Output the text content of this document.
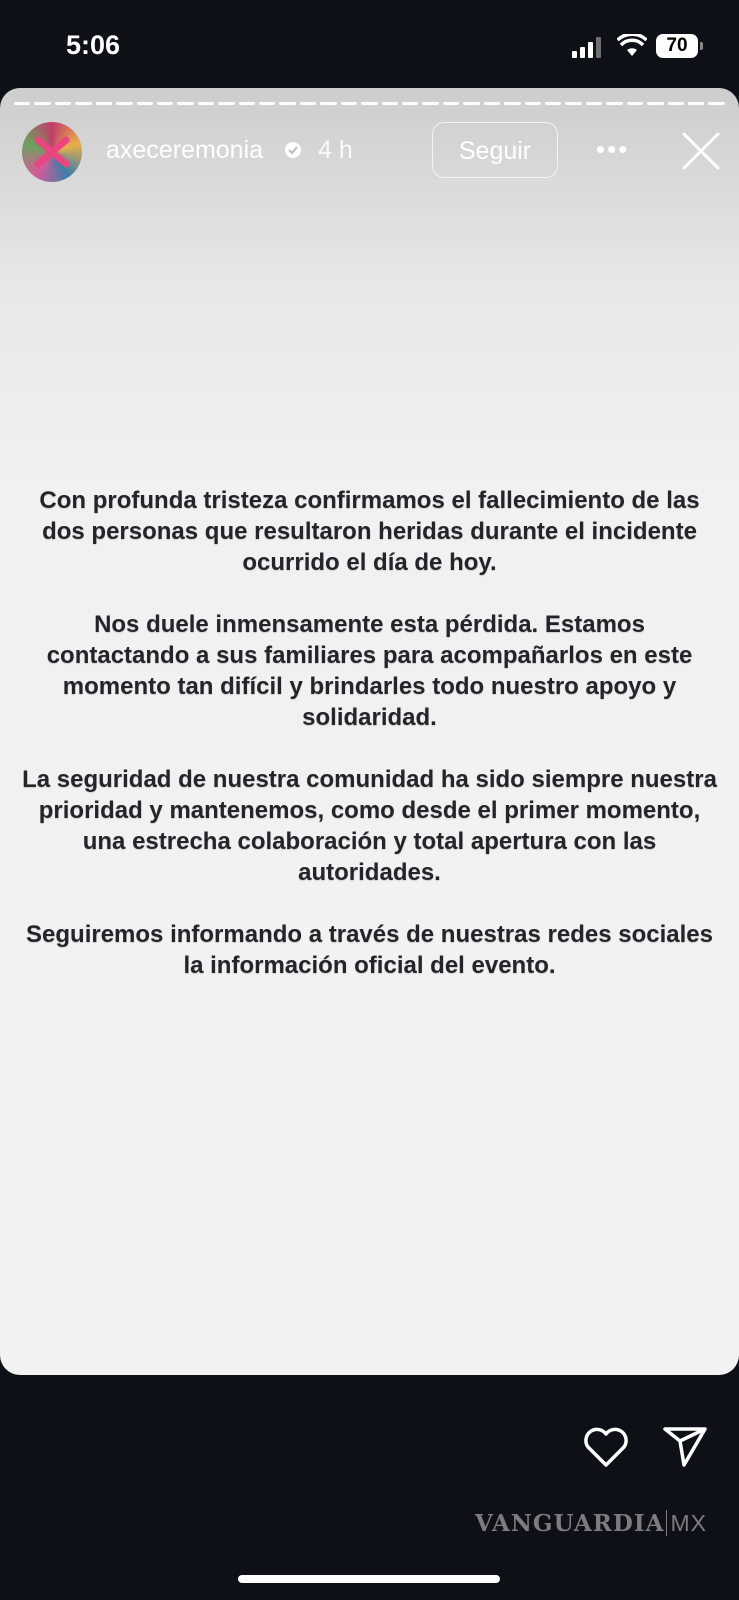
5:06	70
axeceremonia 4 h	Seguir	•••

Con profunda tristeza confirmamos el fallecimiento de las dos personas que resultaron heridas durante el incidente ocurrido el día de hoy.

Nos duele inmensamente esta pérdida. Estamos contactando a sus familiares para acompañarlos en este momento tan difícil y brindarles todo nuestro apoyo y solidaridad.

La seguridad de nuestra comunidad ha sido siempre nuestra prioridad y mantenemos, como desde el primer momento, una estrecha colaboración y total apertura con las autoridades.

Seguiremos informando a través de nuestras redes sociales la información oficial del evento.

VANGUARDIA MX
